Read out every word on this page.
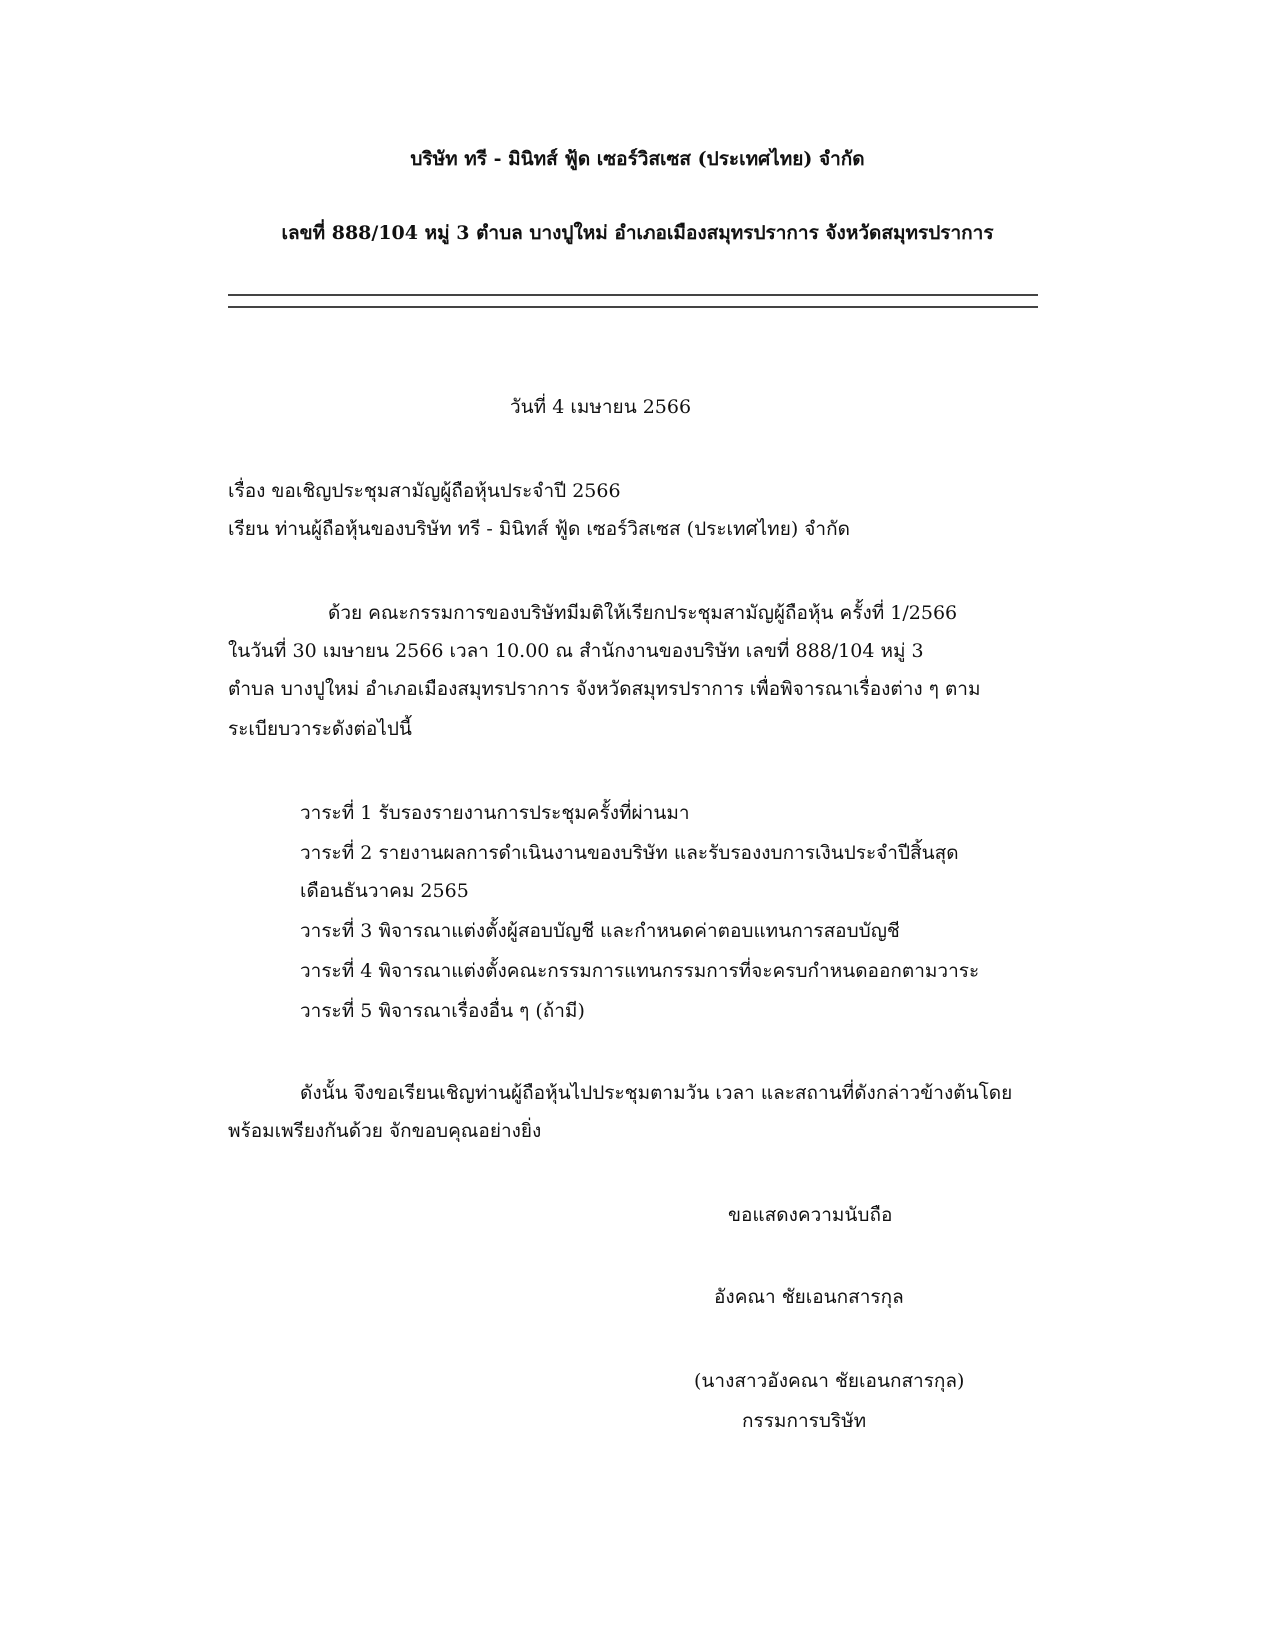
บริษัท ทรี - มินิทส์ ฟู้ด เซอร์วิสเซส (ประเทศไทย) จำกัด
เลขที่ 888/104 หมู่ 3 ตำบล บางปูใหม่ อำเภอเมืองสมุทรปราการ จังหวัดสมุทรปราการ
วันที่ 4 เมษายน 2566
เรื่อง ขอเชิญประชุมสามัญผู้ถือหุ้นประจำปี 2566
เรียน ท่านผู้ถือหุ้นของบริษัท ทรี - มินิทส์ ฟู้ด เซอร์วิสเซส (ประเทศไทย) จำกัด
ด้วย คณะกรรมการของบริษัทมีมติให้เรียกประชุมสามัญผู้ถือหุ้น ครั้งที่ 1/2566
ในวันที่ 30 เมษายน 2566 เวลา 10.00 ณ สำนักงานของบริษัท เลขที่ 888/104 หมู่ 3
ตำบล บางปูใหม่ อำเภอเมืองสมุทรปราการ จังหวัดสมุทรปราการ เพื่อพิจารณาเรื่องต่าง ๆ ตาม
ระเบียบวาระดังต่อไปนี้
วาระที่ 1 รับรองรายงานการประชุมครั้งที่ผ่านมา
วาระที่ 2 รายงานผลการดำเนินงานของบริษัท และรับรองงบการเงินประจำปีสิ้นสุด
เดือนธันวาคม 2565
วาระที่ 3 พิจารณาแต่งตั้งผู้สอบบัญชี และกำหนดค่าตอบแทนการสอบบัญชี
วาระที่ 4 พิจารณาแต่งตั้งคณะกรรมการแทนกรรมการที่จะครบกำหนดออกตามวาระ
วาระที่ 5 พิจารณาเรื่องอื่น ๆ (ถ้ามี)
ดังนั้น จึงขอเรียนเชิญท่านผู้ถือหุ้นไปประชุมตามวัน เวลา และสถานที่ดังกล่าวข้างต้นโดย
พร้อมเพรียงกันด้วย จักขอบคุณอย่างยิ่ง
ขอแสดงความนับถือ
อังคณา ชัยเอนกสารกุล
(นางสาวอังคณา ชัยเอนกสารกุล)
กรรมการบริษัท
